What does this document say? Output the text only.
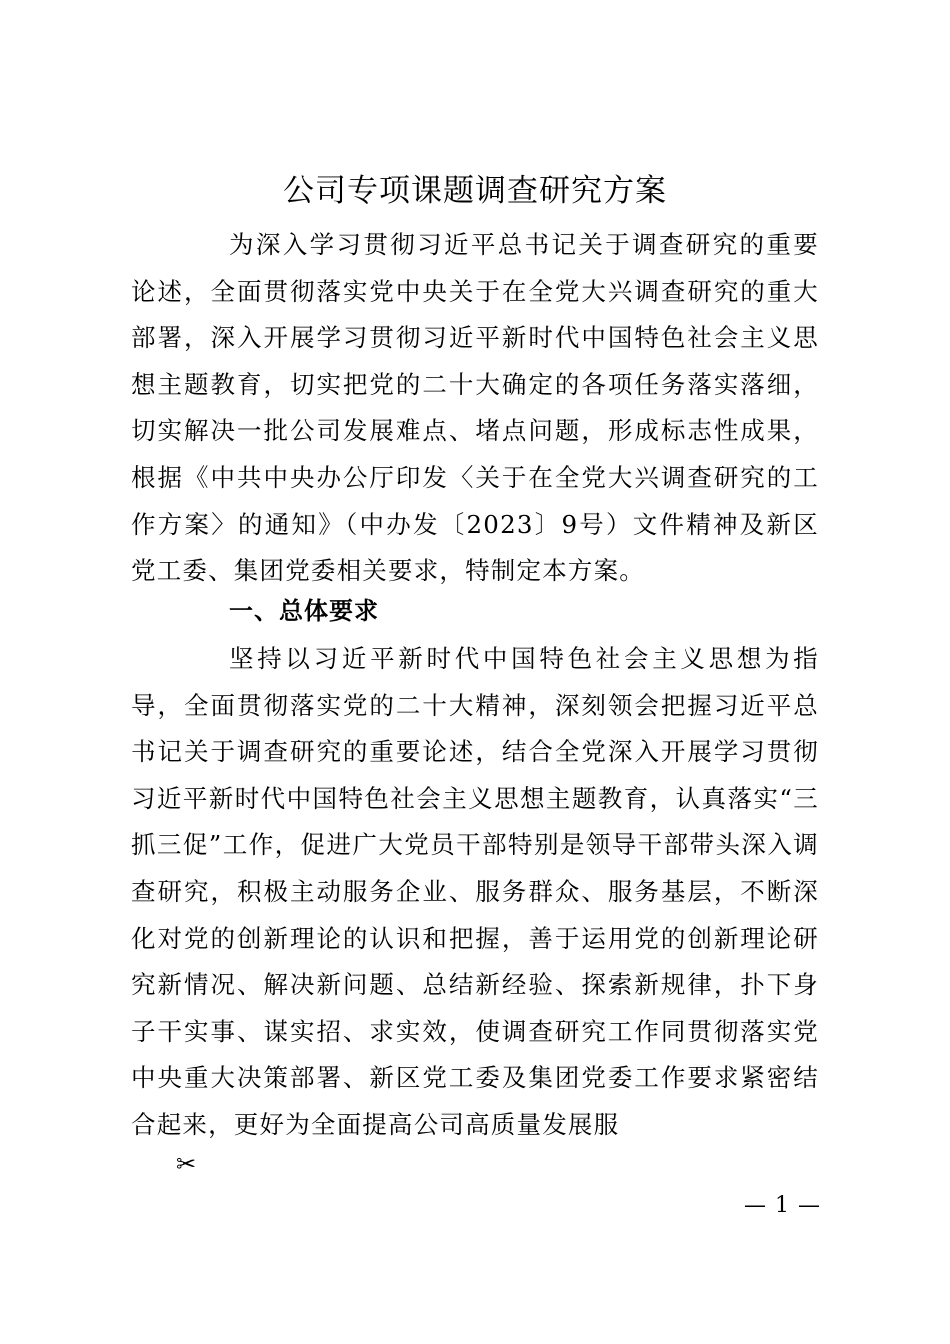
公司专项课题调查研究方案

为深入学习贯彻习近平总书记关于调查研究的重要论述，全面贯彻落实党中央关于在全党大兴调查研究的重大部署，深入开展学习贯彻习近平新时代中国特色社会主义思想主题教育，切实把党的二十大确定的各项任务落实落细，切实解决一批公司发展难点、堵点问题，形成标志性成果，根据《中共中央办公厅印发〈关于在全党大兴调查研究的工作方案〉的通知》（中办发〔2023〕9号）文件精神及新区党工委、集团党委相关要求，特制定本方案。

一、总体要求

坚持以习近平新时代中国特色社会主义思想为指导，全面贯彻落实党的二十大精神，深刻领会把握习近平总书记关于调查研究的重要论述，结合全党深入开展学习贯彻习近平新时代中国特色社会主义思想主题教育，认真落实“三抓三促”工作，促进广大党员干部特别是领导干部带头深入调查研究，积极主动服务企业、服务群众、服务基层，不断深化对党的创新理论的认识和把握，善于运用党的创新理论研究新情况、解决新问题、总结新经验、探索新规律，扑下身子干实事、谋实招、求实效，使调查研究工作同贯彻落实党中央重大决策部署、新区党工委及集团党委工作要求紧密结合起来，更好为全面提高公司高质量发展服

✂
— 1 —
